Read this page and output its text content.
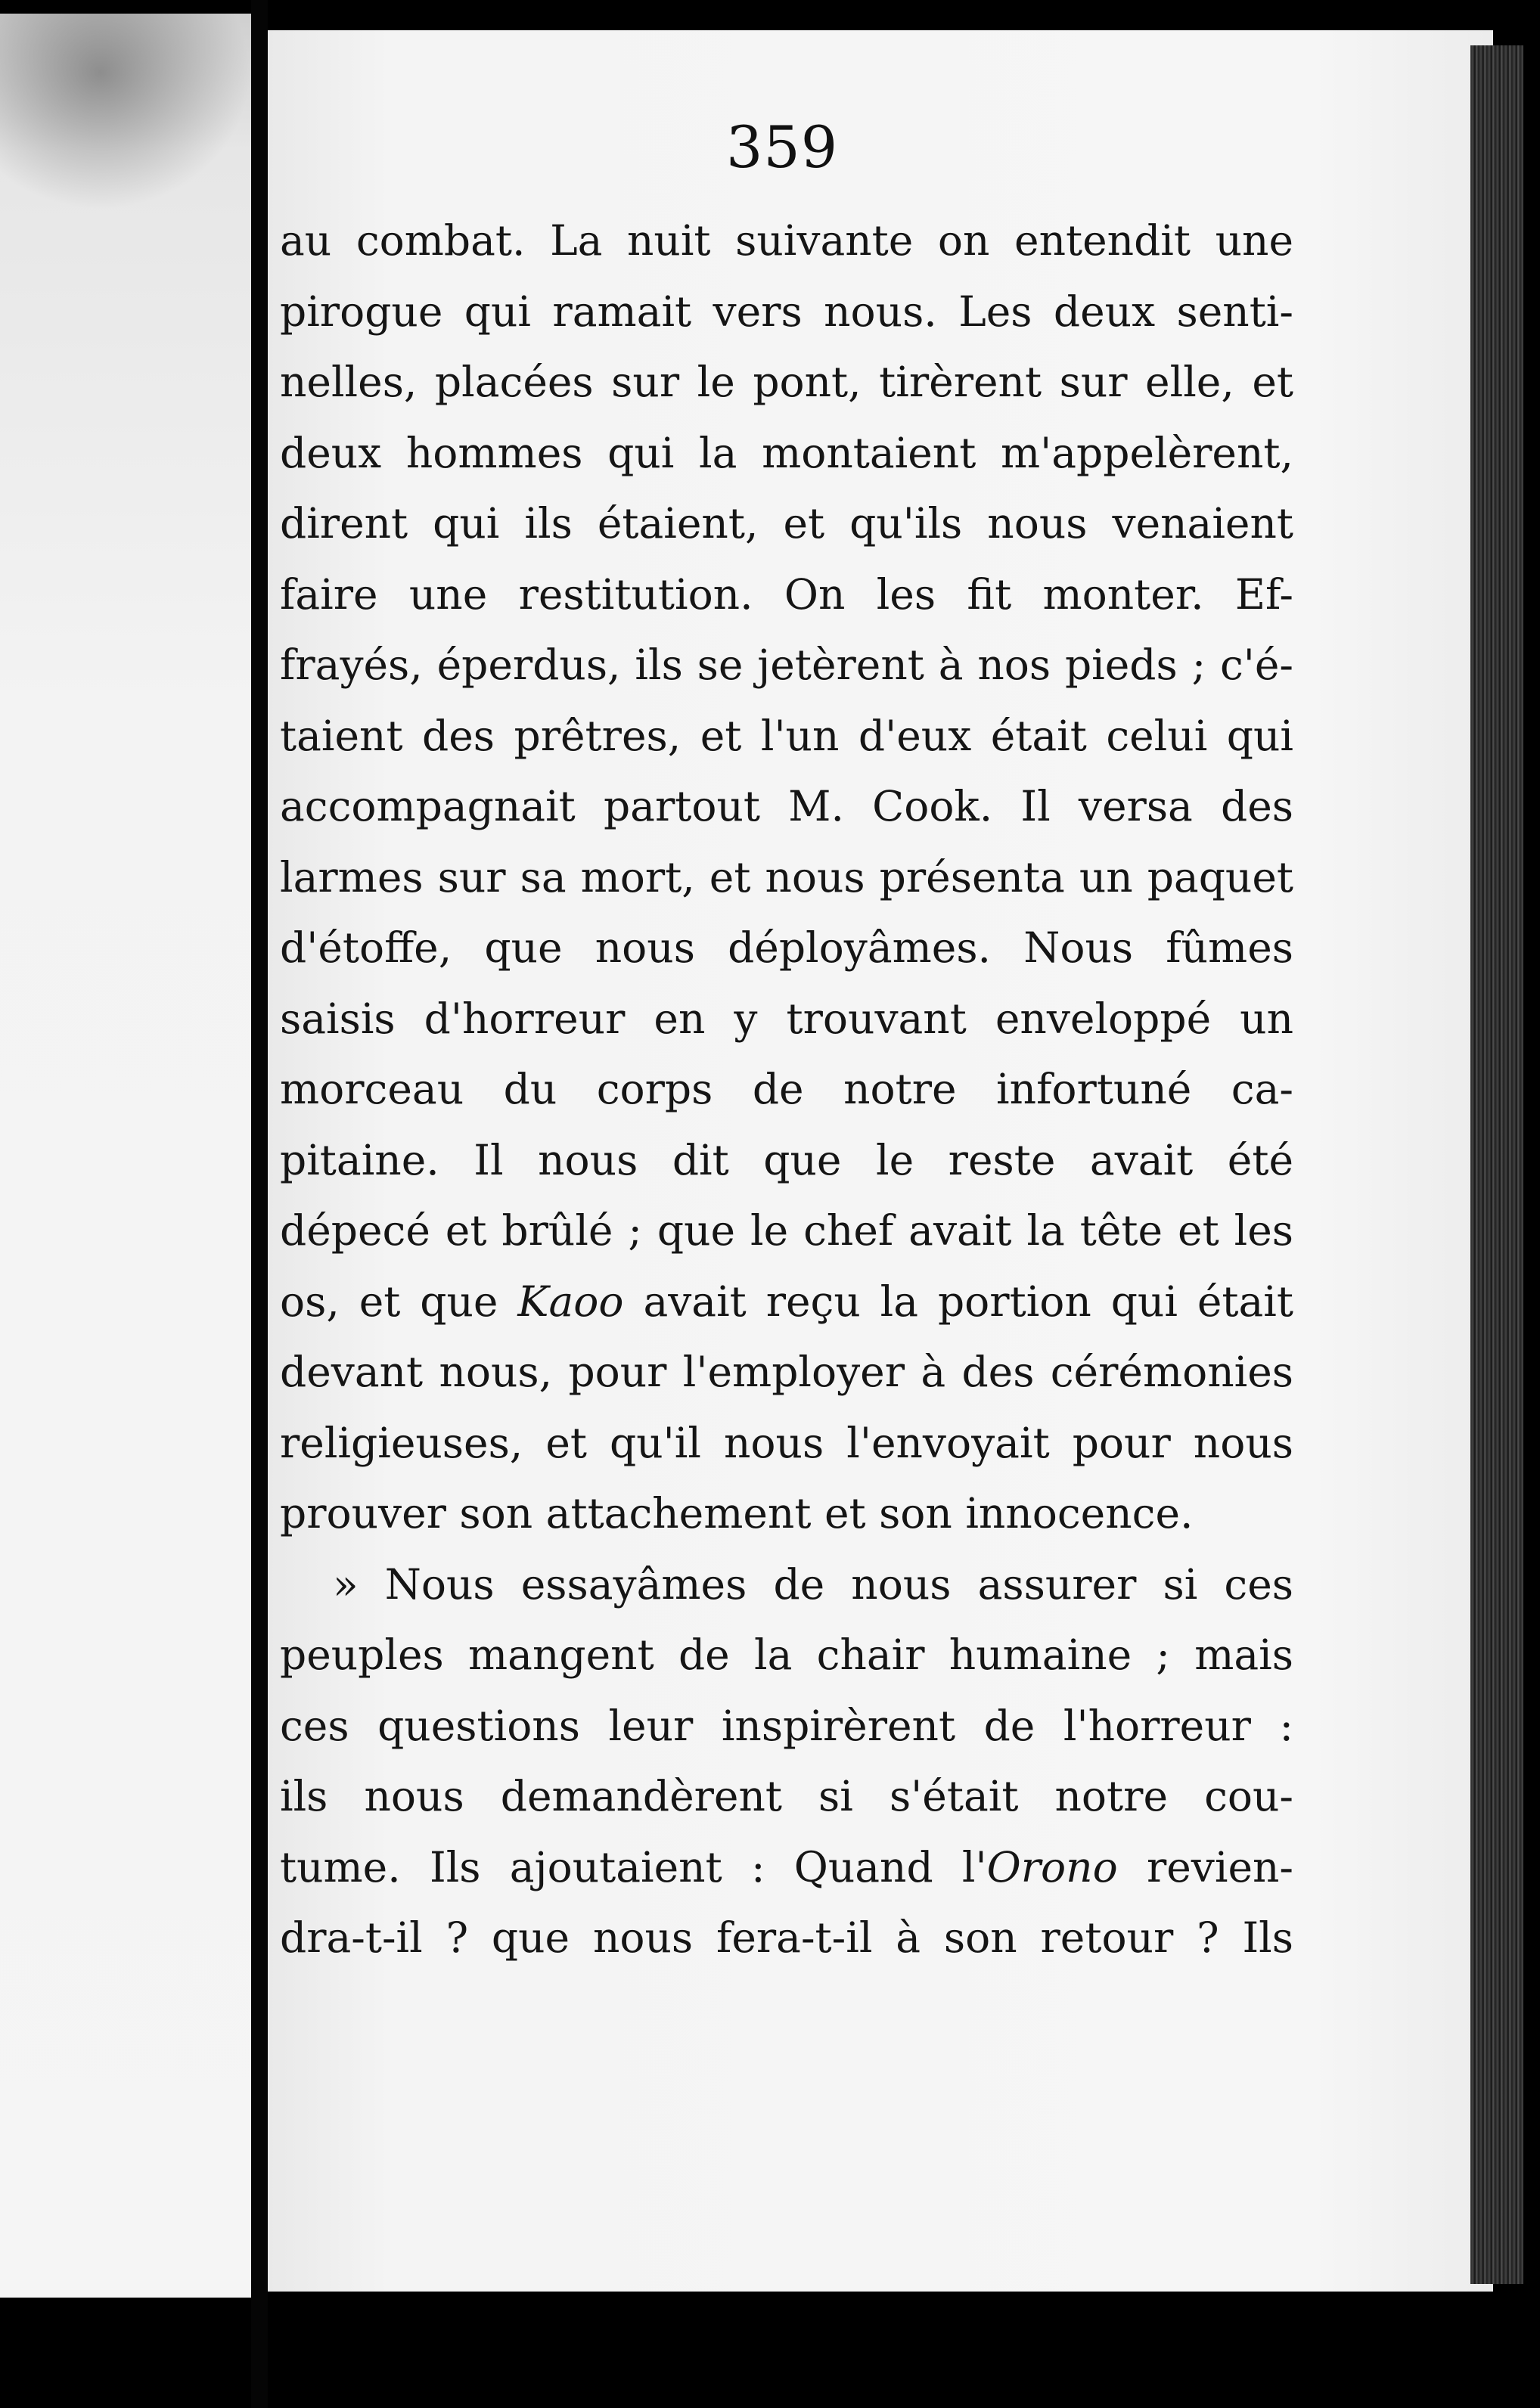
359
au combat. La nuit suivante on entendit une
pirogue qui ramait vers nous. Les deux senti-
nelles, placées sur le pont, tirèrent sur elle, et
deux hommes qui la montaient m'appelèrent,
dirent qui ils étaient, et qu'ils nous venaient
faire une restitution. On les fit monter. Ef-
frayés, éperdus, ils se jetèrent à nos pieds ; c'é-
taient des prêtres, et l'un d'eux était celui qui
accompagnait partout M. Cook. Il versa des
larmes sur sa mort, et nous présenta un paquet
d'étoffe, que nous déployâmes. Nous fûmes
saisis d'horreur en y trouvant enveloppé un
morceau du corps de notre infortuné ca-
pitaine. Il nous dit que le reste avait été
dépecé et brûlé ; que le chef avait la tête et les
os, et que Kaoo avait reçu la portion qui était
devant nous, pour l'employer à des cérémonies
religieuses, et qu'il nous l'envoyait pour nous
prouver son attachement et son innocence.
» Nous essayâmes de nous assurer si ces
peuples mangent de la chair humaine ; mais
ces questions leur inspirèrent de l'horreur :
ils nous demandèrent si s'était notre cou-
tume. Ils ajoutaient : Quand l'Orono revien-
dra-t-il ? que nous fera-t-il à son retour ? Ils
